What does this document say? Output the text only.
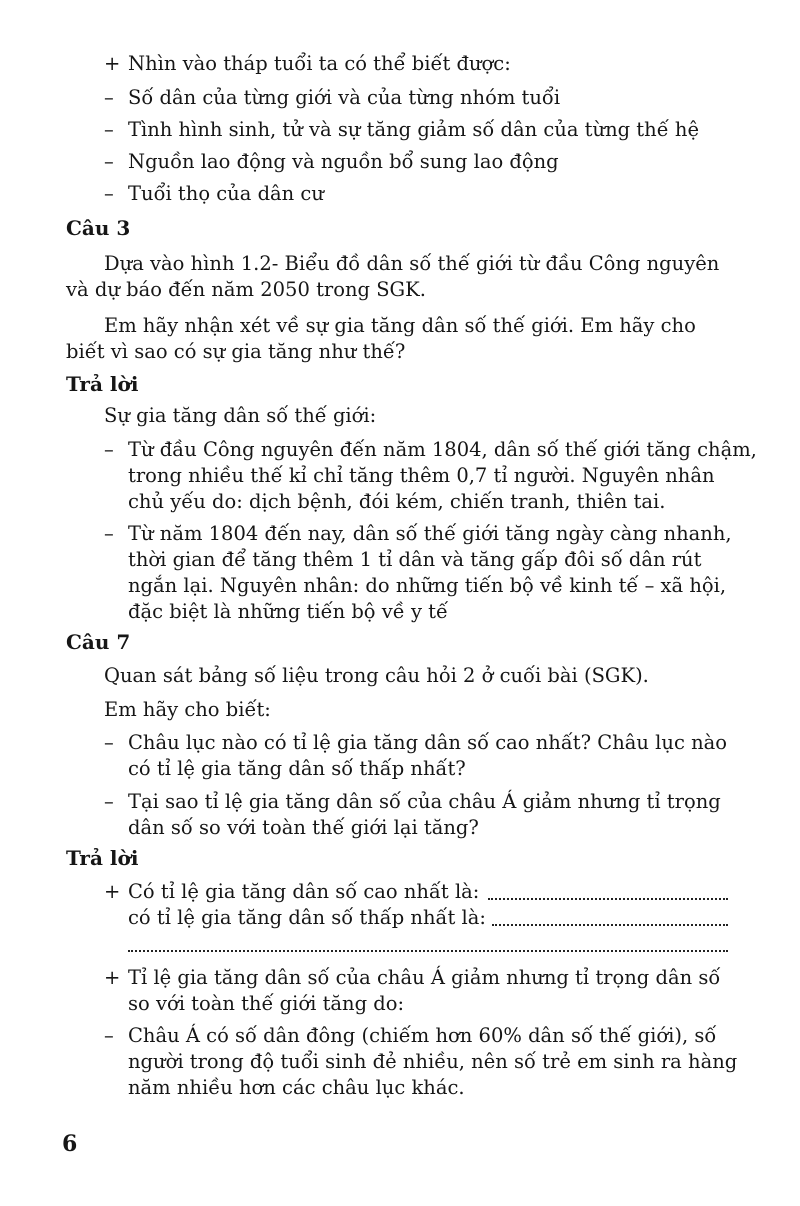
+ Nhìn vào tháp tuổi ta có thể biết được:
– Số dân của từng giới và của từng nhóm tuổi
– Tình hình sinh, tử và sự tăng giảm số dân của từng thế hệ
– Nguồn lao động và nguồn bổ sung lao động
– Tuổi thọ của dân cư
Câu 3
Dựa vào hình 1.2- Biểu đồ dân số thế giới từ đầu Công nguyên
và dự báo đến năm 2050 trong SGK.
Em hãy nhận xét về sự gia tăng dân số thế giới. Em hãy cho
biết vì sao có sự gia tăng như thế?
Trả lời
Sự gia tăng dân số thế giới:
– Từ đầu Công nguyên đến năm 1804, dân số thế giới tăng chậm,
trong nhiều thế kỉ chỉ tăng thêm 0,7 tỉ người. Nguyên nhân
chủ yếu do: dịch bệnh, đói kém, chiến tranh, thiên tai.
– Từ năm 1804 đến nay, dân số thế giới tăng ngày càng nhanh,
thời gian để tăng thêm 1 tỉ dân và tăng gấp đôi số dân rút
ngắn lại. Nguyên nhân: do những tiến bộ về kinh tế – xã hội,
đặc biệt là những tiến bộ về y tế
Câu 7
Quan sát bảng số liệu trong câu hỏi 2 ở cuối bài (SGK).
Em hãy cho biết:
– Châu lục nào có tỉ lệ gia tăng dân số cao nhất? Châu lục nào
có tỉ lệ gia tăng dân số thấp nhất?
– Tại sao tỉ lệ gia tăng dân số của châu Á giảm nhưng tỉ trọng
dân số so với toàn thế giới lại tăng?
Trả lời
+ Có tỉ lệ gia tăng dân số cao nhất là:
có tỉ lệ gia tăng dân số thấp nhất là:
+ Tỉ lệ gia tăng dân số của châu Á giảm nhưng tỉ trọng dân số
so với toàn thế giới tăng do:
– Châu Á có số dân đông (chiếm hơn 60% dân số thế giới), số
người trong độ tuổi sinh đẻ nhiều, nên số trẻ em sinh ra hàng
năm nhiều hơn các châu lục khác.
6
